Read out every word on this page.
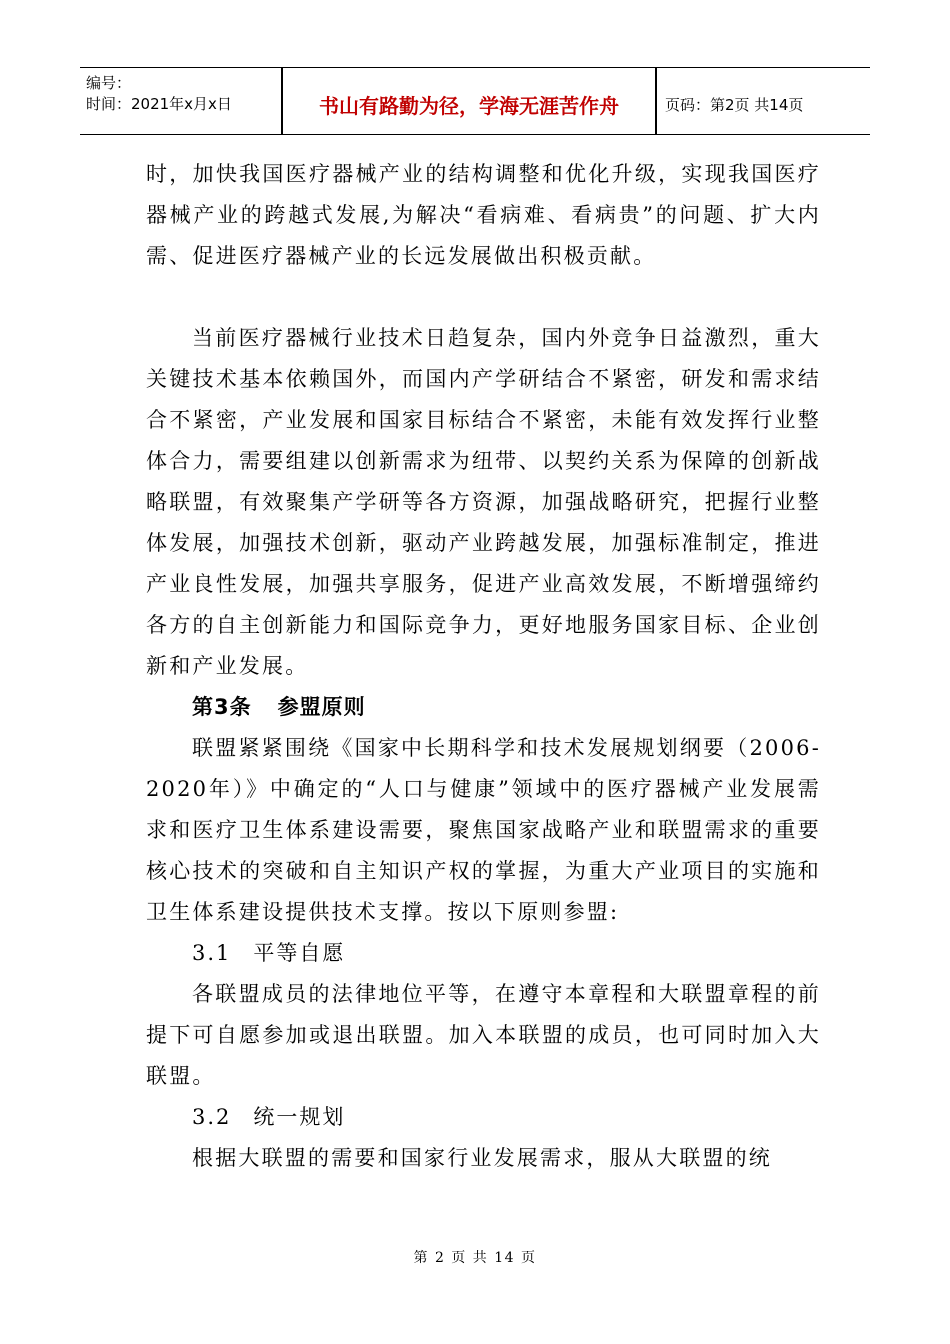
编号：
时间：2021年x月x日	书山有路勤为径，学海无涯苦作舟	页码：第2页 共14页

时，加快我国医疗器械产业的结构调整和优化升级，实现我国医疗器械产业的跨越式发展,为解决“看病难、看病贵”的问题、扩大内需、促进医疗器械产业的长远发展做出积极贡献。

当前医疗器械行业技术日趋复杂，国内外竞争日益激烈，重大关键技术基本依赖国外，而国内产学研结合不紧密，研发和需求结合不紧密，产业发展和国家目标结合不紧密，未能有效发挥行业整体合力，需要组建以创新需求为纽带、以契约关系为保障的创新战略联盟，有效聚集产学研等各方资源，加强战略研究，把握行业整体发展，加强技术创新，驱动产业跨越发展，加强标准制定，推进产业良性发展，加强共享服务，促进产业高效发展，不断增强缔约各方的自主创新能力和国际竞争力，更好地服务国家目标、企业创新和产业发展。

第3条 参盟原则

联盟紧紧围绕《国家中长期科学和技术发展规划纲要（2006-2020年）》中确定的“人口与健康”领域中的医疗器械产业发展需求和医疗卫生体系建设需要，聚焦国家战略产业和联盟需求的重要核心技术的突破和自主知识产权的掌握，为重大产业项目的实施和卫生体系建设提供技术支撑。按以下原则参盟:

3.1 平等自愿

各联盟成员的法律地位平等，在遵守本章程和大联盟章程的前提下可自愿参加或退出联盟。加入本联盟的成员，也可同时加入大联盟。

3.2 统一规划

根据大联盟的需要和国家行业发展需求，服从大联盟的统

第 2 页 共 14 页
